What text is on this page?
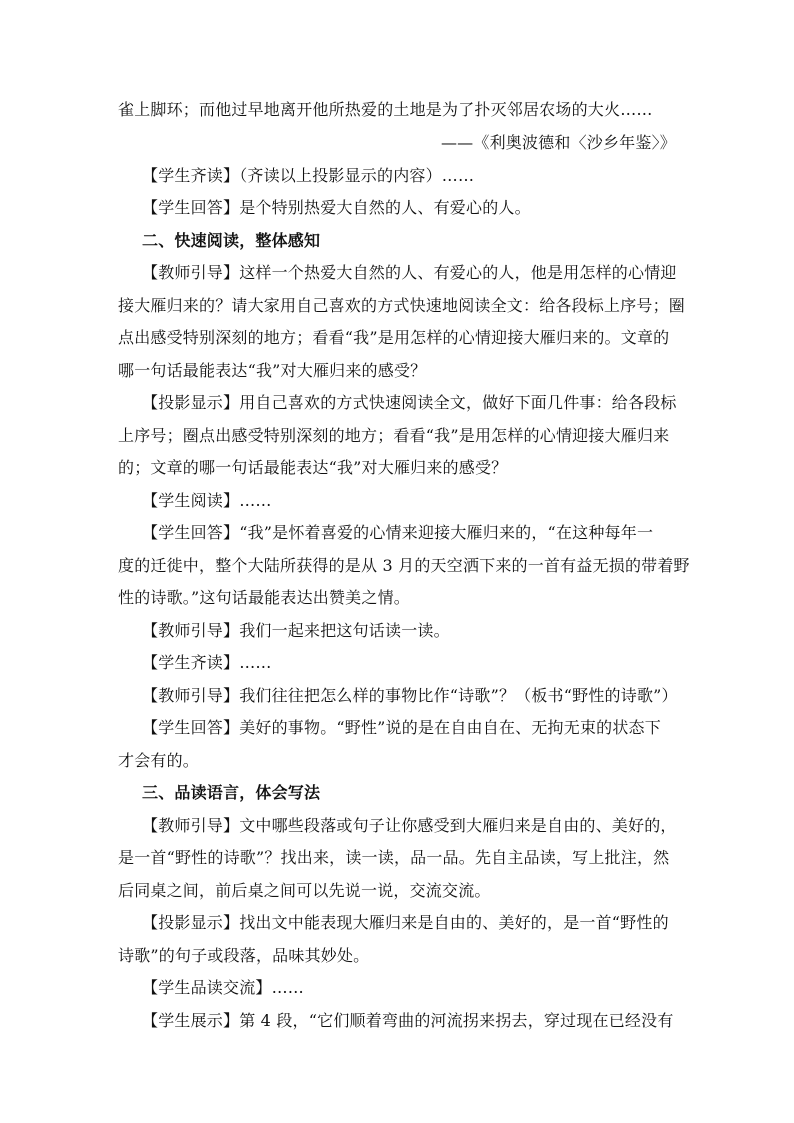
雀上脚环；而他过早地离开他所热爱的土地是为了扑灭邻居农场的大火……
——《利奥波德和〈沙乡年鉴〉》
【学生齐读】（齐读以上投影显示的内容）……
【学生回答】是个特别热爱大自然的人、有爱心的人。
二、快速阅读，整体感知
【教师引导】这样一个热爱大自然的人、有爱心的人，他是用怎样的心情迎
接大雁归来的？请大家用自己喜欢的方式快速地阅读全文：给各段标上序号；圈
点出感受特别深刻的地方；看看“我”是用怎样的心情迎接大雁归来的。文章的
哪一句话最能表达“我”对大雁归来的感受？
【投影显示】用自己喜欢的方式快速阅读全文，做好下面几件事：给各段标
上序号；圈点出感受特别深刻的地方；看看“我”是用怎样的心情迎接大雁归来
的；文章的哪一句话最能表达“我”对大雁归来的感受？
【学生阅读】……
【学生回答】“我”是怀着喜爱的心情来迎接大雁归来的，“在这种每年一
度的迁徙中，整个大陆所获得的是从 3 月的天空洒下来的一首有益无损的带着野
性的诗歌。”这句话最能表达出赞美之情。
【教师引导】我们一起来把这句话读一读。
【学生齐读】……
【教师引导】我们往往把怎么样的事物比作“诗歌”？（板书“野性的诗歌”）
【学生回答】美好的事物。“野性”说的是在自由自在、无拘无束的状态下
才会有的。
三、品读语言，体会写法
【教师引导】文中哪些段落或句子让你感受到大雁归来是自由的、美好的，
是一首“野性的诗歌”？找出来，读一读，品一品。先自主品读，写上批注，然
后同桌之间，前后桌之间可以先说一说，交流交流。
【投影显示】找出文中能表现大雁归来是自由的、美好的，是一首“野性的
诗歌”的句子或段落，品味其妙处。
【学生品读交流】……
【学生展示】第 4 段，“它们顺着弯曲的河流拐来拐去，穿过现在已经没有
